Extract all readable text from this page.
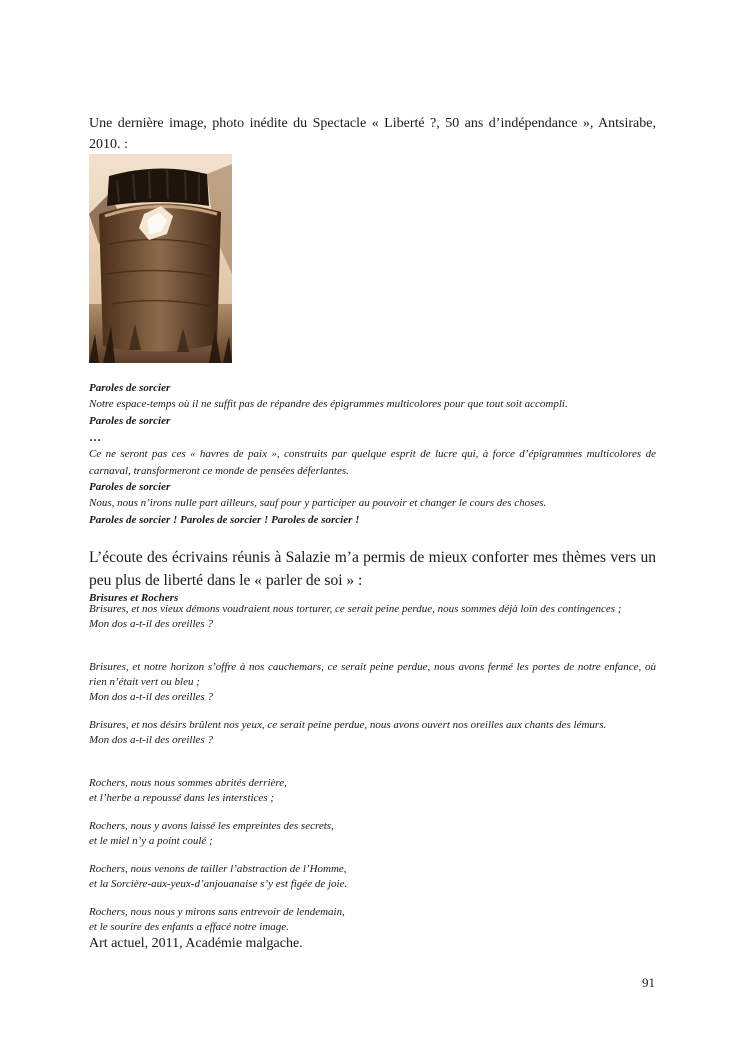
Une dernière image, photo inédite du Spectacle « Liberté ?, 50 ans d’indépendance », Antsirabe, 2010. :
Paroles de sorcier
Notre espace-temps où il ne suffit pas de répandre des épigrammes multicolores pour que tout soit accompli.
Paroles de sorcier
…
Ce ne seront pas ces « havres de paix », construits par quelque esprit de lucre qui, à force d’épigrammes multicolores de carnaval, transformeront ce monde de pensées déferlantes.
Paroles de sorcier
Nous, nous n’irons nulle part ailleurs, sauf pour y participer au pouvoir et changer le cours des choses.
Paroles de sorcier ! Paroles de sorcier ! Paroles de sorcier !
L’écoute des écrivains réunis à Salazie m’a permis de mieux conforter mes thèmes vers un peu plus de liberté dans le « parler de soi » :
Brisures et Rochers
Brisures, et nos vieux démons voudraient nous torturer, ce serait peine perdue, nous sommes déjà loin des contingences ;
Mon dos a-t-il des oreilles ?
Brisures, et notre horizon s’offre à nos cauchemars, ce serait peine perdue, nous avons fermé les portes de notre enfance, où rien n’était vert ou bleu ;
Mon dos a-t-il des oreilles ?
Brisures, et nos désirs brûlent nos yeux, ce serait peine perdue, nous avons ouvert nos oreilles aux chants des lémurs.
Mon dos a-t-il des oreilles ?
Rochers, nous nous sommes abrités derrière,
et l’herbe a repoussé dans les interstices ;
Rochers, nous y avons laissé les empreintes des secrets,
et le miel n’y a point coulé ;
Rochers, nous venons de tailler l’abstraction de l’Homme,
et la Sorcière-aux-yeux-d’anjouanaise s’y est figée de joie.
Rochers, nous nous y mirons sans entrevoir de lendemain,
et le sourire des enfants a effacé notre image.
Art actuel, 2011, Académie malgache.
91
